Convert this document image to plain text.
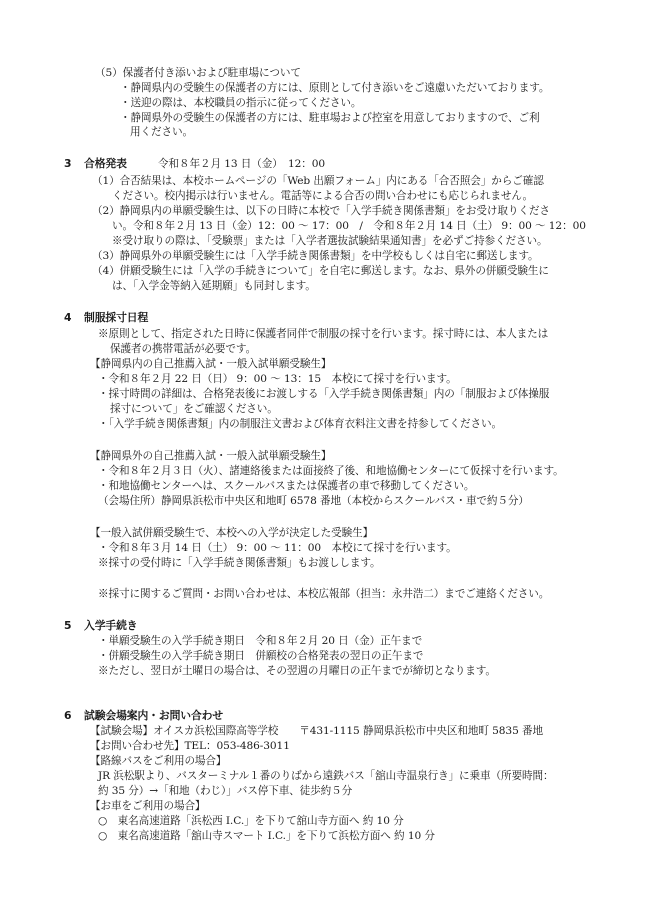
（5）保護者付き添いおよび駐車場について
・静岡県内の受験生の保護者の方には、原則として付き添いをご遠慮いただいております。
・送迎の際は、本校職員の指示に従ってください。
・静岡県外の受験生の保護者の方には、駐車場および控室を用意しておりますので、ご利
用ください。
3 合格発表	令和８年２月 13 日（金）　12：00
（1）合否結果は、本校ホームページの「Web 出願フォーム」内にある「合否照会」からご確認
ください。校内掲示は行いません。電話等による合否の問い合わせにも応じられません。
（2）静岡県内の単願受験生は、以下の日時に本校で「入学手続き関係書類」をお受け取りくださ
い。令和８年２月 13 日（金）12：00 ～ 17：00　/　令和８年２月 14 日（土） 9：00 ～ 12：00
※受け取りの際は、「受験票」または「入学者選抜試験結果通知書」を必ずご持参ください。
（3）静岡県外の単願受験生には「入学手続き関係書類」を中学校もしくは自宅に郵送します。
（4）併願受験生には「入学の手続きについて」を自宅に郵送します。なお、県外の併願受験生に
は、「入学金等納入延期願」も同封します。
4 制服採寸日程
※原則として、指定された日時に保護者同伴で制服の採寸を行います。採寸時には、本人または
保護者の携帯電話が必要です。
【静岡県内の自己推薦入試・一般入試単願受験生】
・令和８年２月 22 日（日） 9：00 ～ 13：15　本校にて採寸を行います。
・採寸時間の詳細は、合格発表後にお渡しする「入学手続き関係書類」内の「制服および体操服
採寸について」をご確認ください。
・「入学手続き関係書類」内の制服注文書および体育衣料注文書を持参してください。
【静岡県外の自己推薦入試・一般入試単願受験生】
・令和８年２月３日（火）、諸連絡後または面接終了後、和地協働センターにて仮採寸を行います。
・和地協働センターへは、スクールバスまたは保護者の車で移動してください。
（会場住所）静岡県浜松市中央区和地町 6578 番地（本校からスクールバス・車で約５分）
【一般入試併願受験生で、本校への入学が決定した受験生】
・令和８年３月 14 日（土） 9：00 ～ 11：00　本校にて採寸を行います。
※採寸の受付時に「入学手続き関係書類」もお渡しします。
※採寸に関するご質問・お問い合わせは、本校広報部（担当：永井浩二）までご連絡ください。
5 入学手続き
・単願受験生の入学手続き期日　令和８年２月 20 日（金）正午まで
・併願受験生の入学手続き期日　併願校の合格発表の翌日の正午まで
※ただし、翌日が土曜日の場合は、その翌週の月曜日の正午までが締切となります。
6 試験会場案内・お問い合わせ
【試験会場】オイスカ浜松国際高等学校　　〒431-1115 静岡県浜松市中央区和地町 5835 番地
【お問い合わせ先】TEL：053-486-3011
【路線バスをご利用の場合】
JR 浜松駅より、バスターミナル１番のりばから遠鉄バス「舘山寺温泉行き」に乗車（所要時間：
約 35 分）→「和地（わじ）」バス停下車、徒歩約５分
【お車をご利用の場合】
○　東名高速道路「浜松西 I.C.」を下りて舘山寺方面へ 約 10 分
○　東名高速道路「舘山寺スマート I.C.」を下りて浜松方面へ 約 10 分
